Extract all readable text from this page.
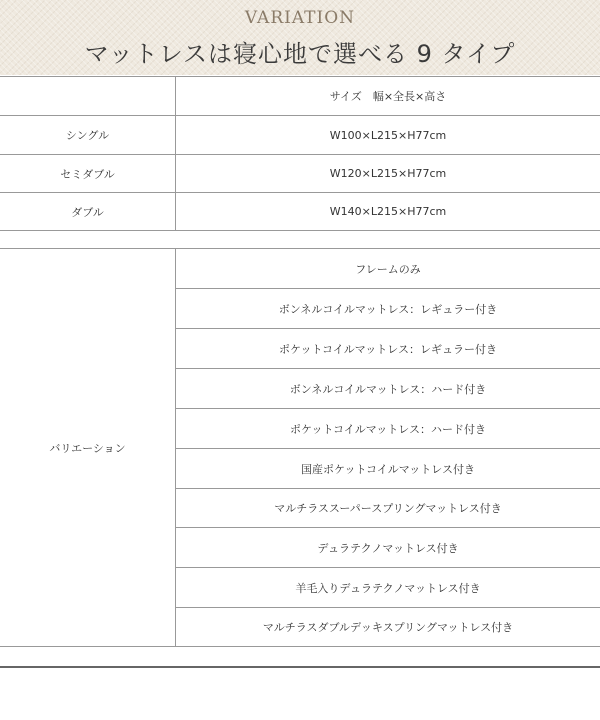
VARIATION
マットレスは寝心地で選べる 9 タイプ
サイズ　幅×全長×高さ
シングル	W100×L215×H77cm
セミダブル	W120×L215×H77cm
ダブル	W140×L215×H77cm
バリエーション
フレームのみ
ボンネルコイルマットレス：レギュラー付き
ポケットコイルマットレス：レギュラー付き
ボンネルコイルマットレス：ハード付き
ポケットコイルマットレス：ハード付き
国産ポケットコイルマットレス付き
マルチラススーパースプリングマットレス付き
デュラテクノマットレス付き
羊毛入りデュラテクノマットレス付き
マルチラスダブルデッキスプリングマットレス付き
